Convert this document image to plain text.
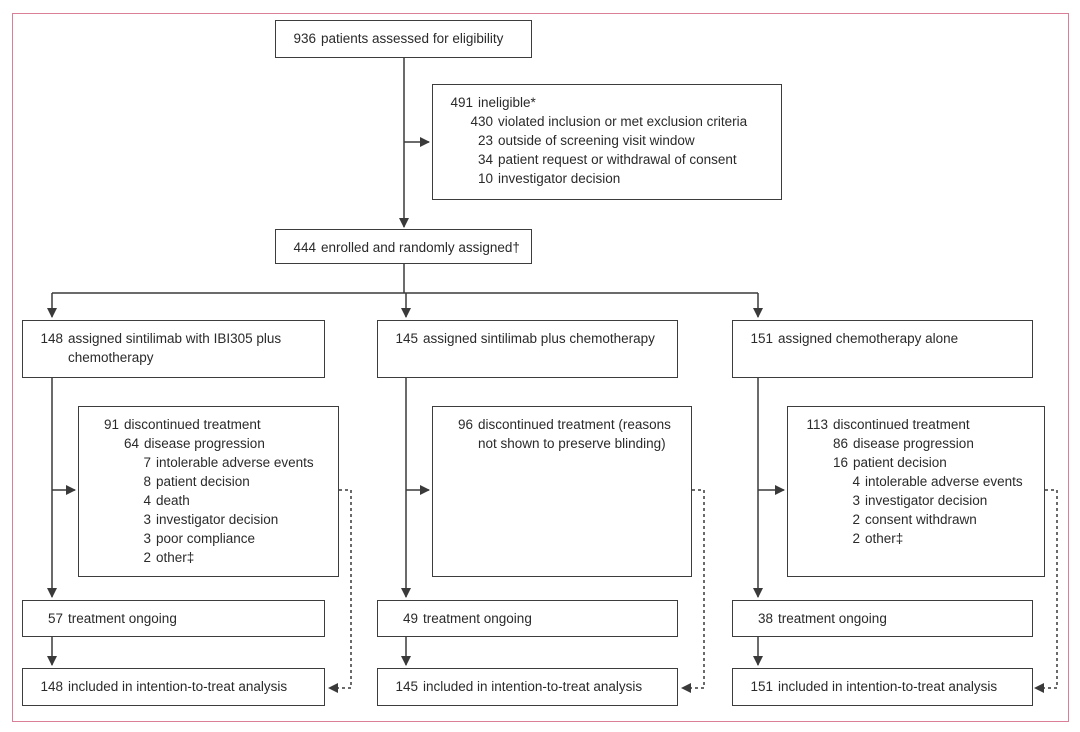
936 patients assessed for eligibility
491 ineligible*
430 violated inclusion or met exclusion criteria
23 outside of screening visit window
34 patient request or withdrawal of consent
10 investigator decision
444 enrolled and randomly assigned†
148 assigned sintilimab with IBI305 plus chemotherapy
145 assigned sintilimab plus chemotherapy	151 assigned chemotherapy alone
91 discontinued treatment
64 disease progression
7 intolerable adverse events
8 patient decision
4 death
3 investigator decision
3 poor compliance
2 other‡
96 discontinued treatment (reasons not shown to preserve blinding)
113 discontinued treatment
86 disease progression
16 patient decision
4 intolerable adverse events
3 investigator decision
2 consent withdrawn
2 other‡
57 treatment ongoing	49 treatment ongoing	38 treatment ongoing
148 included in intention-to-treat analysis	145 included in intention-to-treat analysis	151 included in intention-to-treat analysis
